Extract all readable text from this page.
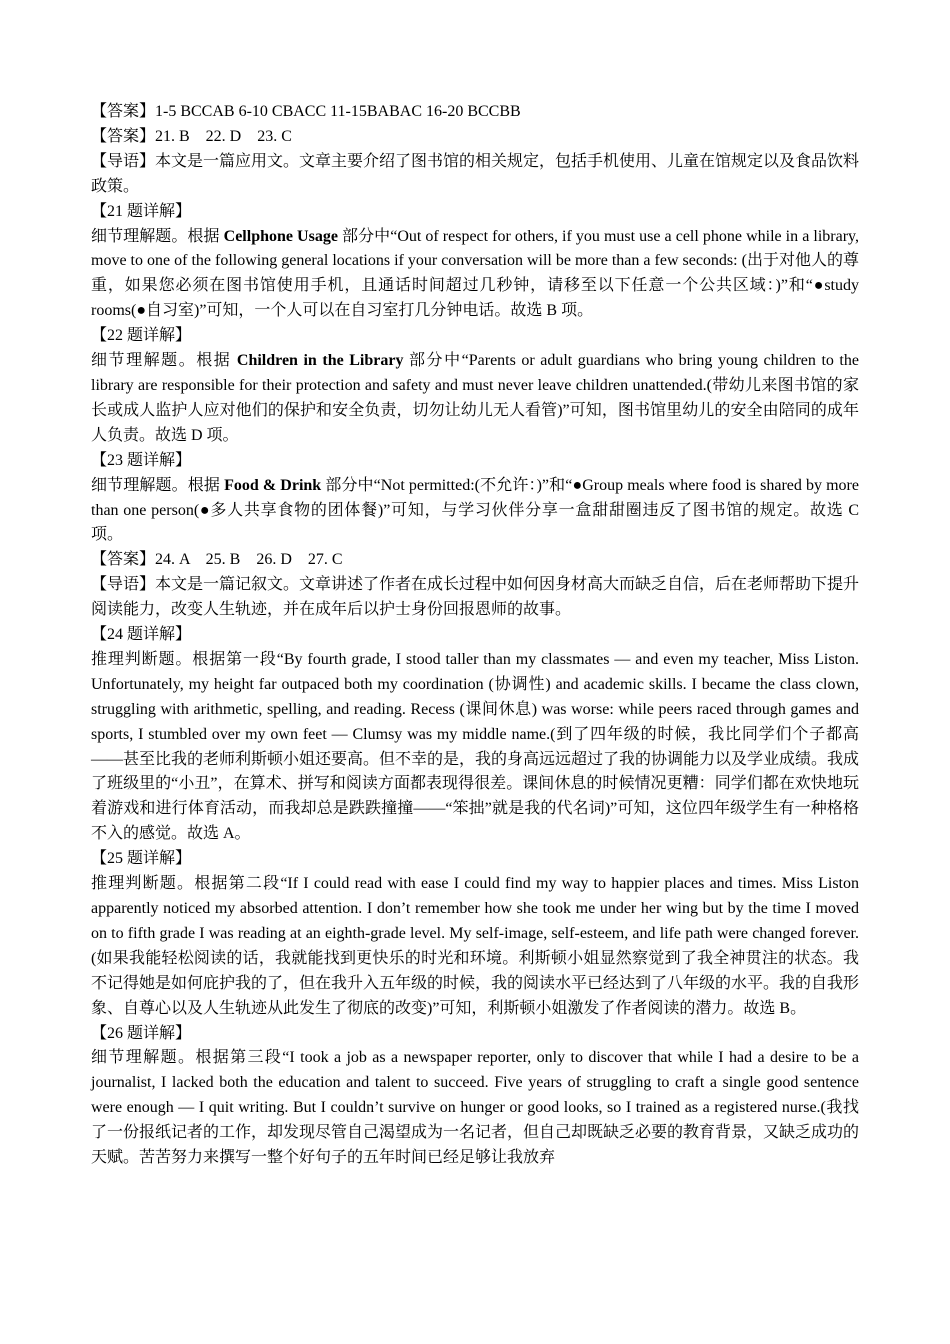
【答案】1-5 BCCAB 6-10 CBACC 11-15BABAC 16-20 BCCBB
【答案】21. B    22. D    23. C
【导语】本文是一篇应用文。文章主要介绍了图书馆的相关规定，包括手机使用、儿童在馆规定以及食品饮料政策。
【21 题详解】
细节理解题。根据 Cellphone Usage 部分中“Out of respect for others, if you must use a cell phone while in a library, move to one of the following general locations if your conversation will be more than a few seconds: (出于对他人的尊重，如果您必须在图书馆使用手机，且通话时间超过几秒钟，请移至以下任意一个公共区域：)”和“●study rooms(●自习室)”可知，一个人可以在自习室打几分钟电话。故选 B 项。
【22 题详解】
细节理解题。根据 Children in the Library 部分中“Parents or adult guardians who bring young children to the library are responsible for their protection and safety and must never leave children unattended.(带幼儿来图书馆的家长或成人监护人应对他们的保护和安全负责，切勿让幼儿无人看管)”可知，图书馆里幼儿的安全由陪同的成年人负责。故选 D 项。
【23 题详解】
细节理解题。根据 Food & Drink 部分中“Not permitted:(不允许：)”和“●Group meals where food is shared by more than one person(●多人共享食物的团体餐)”可知，与学习伙伴分享一盒甜甜圈违反了图书馆的规定。故选 C 项。
【答案】24. A    25. B    26. D    27. C
【导语】本文是一篇记叙文。文章讲述了作者在成长过程中如何因身材高大而缺乏自信，后在老师帮助下提升阅读能力，改变人生轨迹，并在成年后以护士身份回报恩师的故事。
【24 题详解】
推理判断题。根据第一段“By fourth grade, I stood taller than my classmates — and even my teacher, Miss Liston. Unfortunately, my height far outpaced both my coordination (协调性) and academic skills. I became the class clown, struggling with arithmetic, spelling, and reading. Recess (课间休息) was worse: while peers raced through games and sports, I stumbled over my own feet — Clumsy was my middle name.(到了四年级的时候，我比同学们个子都高——甚至比我的老师利斯顿小姐还要高。但不幸的是，我的身高远远超过了我的协调能力以及学业成绩。我成了班级里的“小丑”，在算术、拼写和阅读方面都表现得很差。课间休息的时候情况更糟：同学们都在欢快地玩着游戏和进行体育活动，而我却总是跌跌撞撞——“笨拙”就是我的代名词)”可知，这位四年级学生有一种格格不入的感觉。故选 A。
【25 题详解】
推理判断题。根据第二段“If I could read with ease I could find my way to happier places and times. Miss Liston apparently noticed my absorbed attention. I don’t remember how she took me under her wing but by the time I moved on to fifth grade I was reading at an eighth-grade level. My self-image, self-esteem, and life path were changed forever.(如果我能轻松阅读的话，我就能找到更快乐的时光和环境。利斯顿小姐显然察觉到了我全神贯注的状态。我不记得她是如何庇护我的了，但在我升入五年级的时候，我的阅读水平已经达到了八年级的水平。我的自我形象、自尊心以及人生轨迹从此发生了彻底的改变)”可知，利斯顿小姐激发了作者阅读的潜力。故选 B。
【26 题详解】
细节理解题。根据第三段“I took a job as a newspaper reporter, only to discover that while I had a desire to be a journalist, I lacked both the education and talent to succeed. Five years of struggling to craft a single good sentence were enough — I quit writing. But I couldn’t survive on hunger or good looks, so I trained as a registered nurse.(我找了一份报纸记者的工作，却发现尽管自己渴望成为一名记者，但自己却既缺乏必要的教育背景，又缺乏成功的天赋。苦苦努力来撰写一整个好句子的五年时间已经足够让我放弃
